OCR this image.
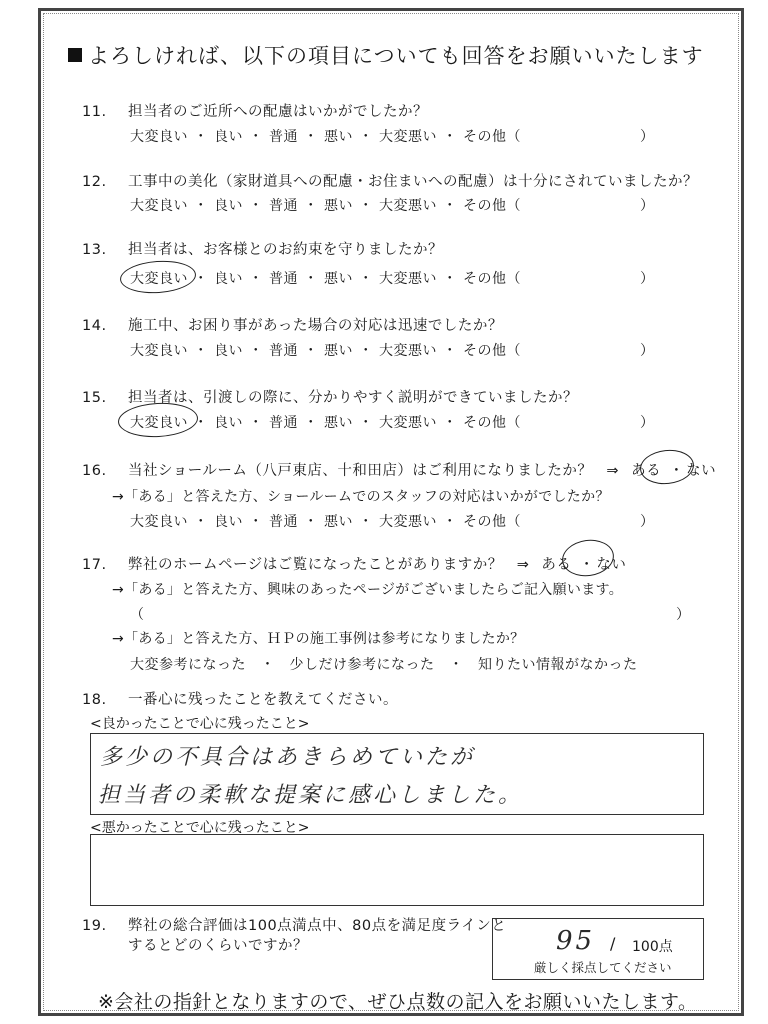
よろしければ、以下の項目についても回答をお願いいたします
11. 担当者のご近所への配慮はいかがでしたか？
大変良い ・ 良い ・ 普通 ・ 悪い ・ 大変悪い ・ その他（	）
12. 工事中の美化（家財道具への配慮・お住まいへの配慮）は十分にされていましたか？
大変良い ・ 良い ・ 普通 ・ 悪い ・ 大変悪い ・ その他（	）
13. 担当者は、お客様とのお約束を守りましたか？
大変良い ・ 良い ・ 普通 ・ 悪い ・ 大変悪い ・ その他（	）
14. 施工中、お困り事があった場合の対応は迅速でしたか？
大変良い ・ 良い ・ 普通 ・ 悪い ・ 大変悪い ・ その他（	）
15. 担当者は、引渡しの際に、分かりやすく説明ができていましたか？
大変良い ・ 良い ・ 普通 ・ 悪い ・ 大変悪い ・ その他（	）
16. 当社ショールーム（八戸東店、十和田店）はご利用になりましたか？ ⇒ ある ・ ない
→「ある」と答えた方、ショールームでのスタッフの対応はいかがでしたか？
大変良い ・ 良い ・ 普通 ・ 悪い ・ 大変悪い ・ その他（	）
17. 弊社のホームページはご覧になったことがありますか？ ⇒ ある ・ ない
→「ある」と答えた方、興味のあったページがございましたらご記入願います。
（	）
→「ある」と答えた方、ＨＰの施工事例は参考になりましたか？
大変参考になった　・　少しだけ参考になった　・　知りたい情報がなかった
18. 一番心に残ったことを教えてください。
<良かったことで心に残ったこと>
多少の不具合はあきらめていたが
担当者の柔軟な提案に感心しました。
<悪かったことで心に残ったこと>
19. 弊社の総合評価は100点満点中、80点を満足度ラインと
するとどのくらいですか？	95 / 100点
厳しく採点してください
※会社の指針となりますので、ぜひ点数の記入をお願いいたします。
